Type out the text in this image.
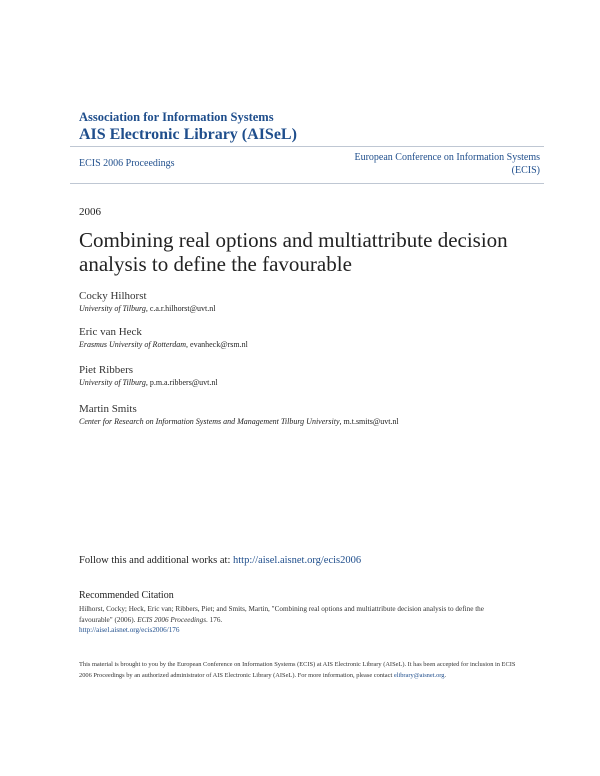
Association for Information Systems
AIS Electronic Library (AISeL)
ECIS 2006 Proceedings
European Conference on Information Systems
(ECIS)
2006
Combining real options and multiattribute decision analysis to define the favourable
Cocky Hilhorst
University of Tilburg, c.a.r.hilhorst@uvt.nl
Eric van Heck
Erasmus University of Rotterdam, evanheck@rsm.nl
Piet Ribbers
University of Tilburg, p.m.a.ribbers@uvt.nl
Martin Smits
Center for Research on Information Systems and Management Tilburg University, m.t.smits@uvt.nl
Follow this and additional works at: http://aisel.aisnet.org/ecis2006
Recommended Citation
Hilhorst, Cocky; Heck, Eric van; Ribbers, Piet; and Smits, Martin, "Combining real options and multiattribute decision analysis to define the favourable" (2006). ECIS 2006 Proceedings. 176.
http://aisel.aisnet.org/ecis2006/176
This material is brought to you by the European Conference on Information Systems (ECIS) at AIS Electronic Library (AISeL). It has been accepted for inclusion in ECIS 2006 Proceedings by an authorized administrator of AIS Electronic Library (AISeL). For more information, please contact elibrary@aisnet.org.
